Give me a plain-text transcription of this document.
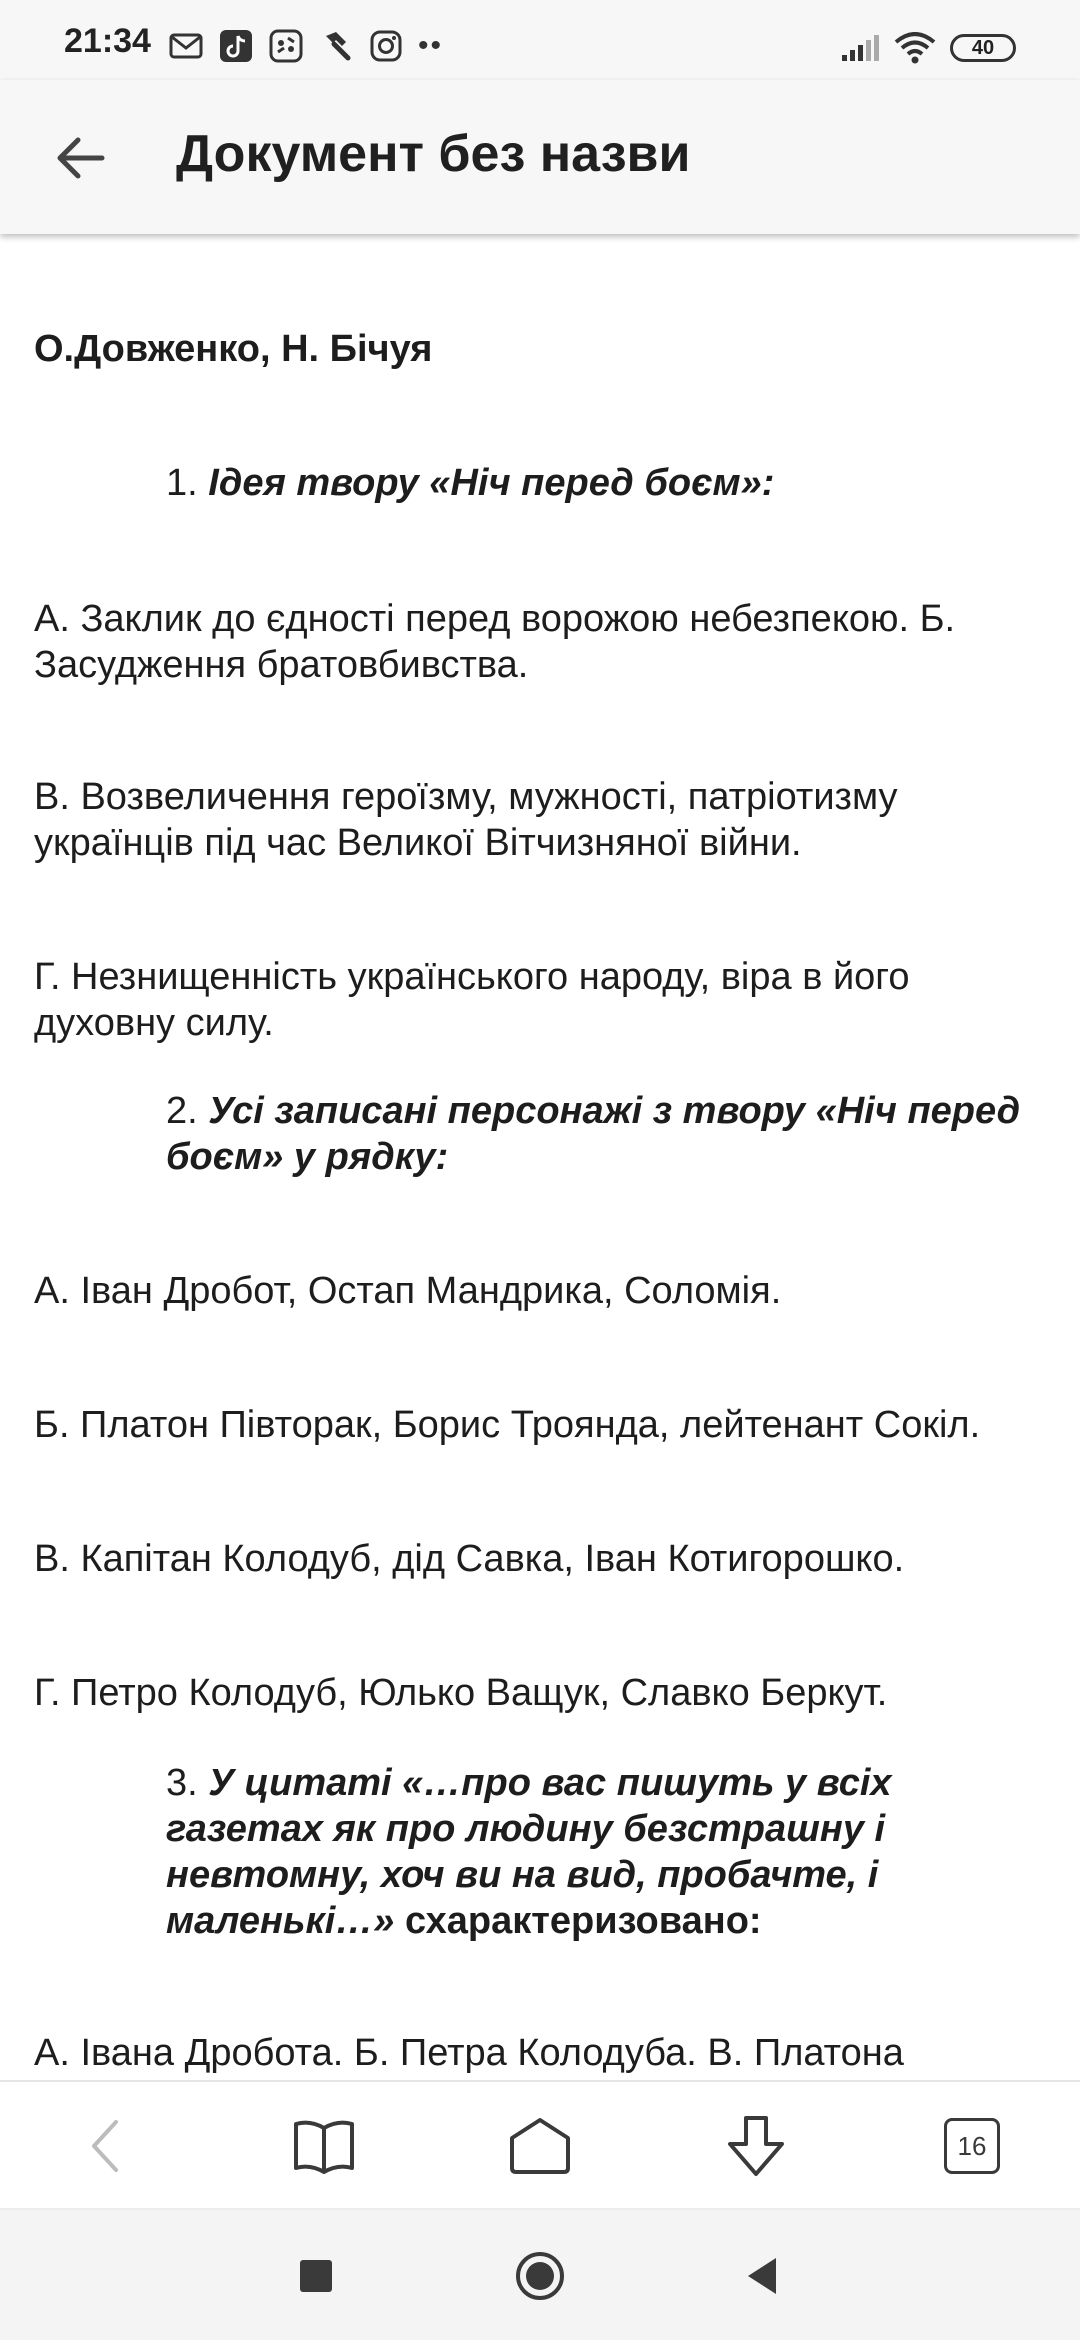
21:34	••	40
Документ без назви

О.Довженко, Н. Бічуя

1. Ідея твору «Ніч перед боєм»:

А. Заклик до єдності перед ворожою небезпекою. Б. Засудження братовбивства.

В. Возвеличення героїзму, мужності, патріотизму українців під час Великої Вітчизняної війни.

Г. Незнищенність українського народу, віра в його духовну силу.

2. Усі записані персонажі з твору «Ніч перед боєм» у рядку:

А. Іван Дробот, Остап Мандрика, Соломія.

Б. Платон Півторак, Борис Троянда, лейтенант Сокіл.

В. Капітан Колодуб, дід Савка, Іван Котигорошко.

Г. Петро Колодуб, Юлько Ващук, Славко Беркут.

3. У цитаті «…про вас пишуть у всіх газетах як про людину безстрашну і невтомну, хоч ви на вид, пробачте, і маленькі…» схарактеризовано:

А. Івана Дробота. Б. Петра Колодуба. В. Платона

16
